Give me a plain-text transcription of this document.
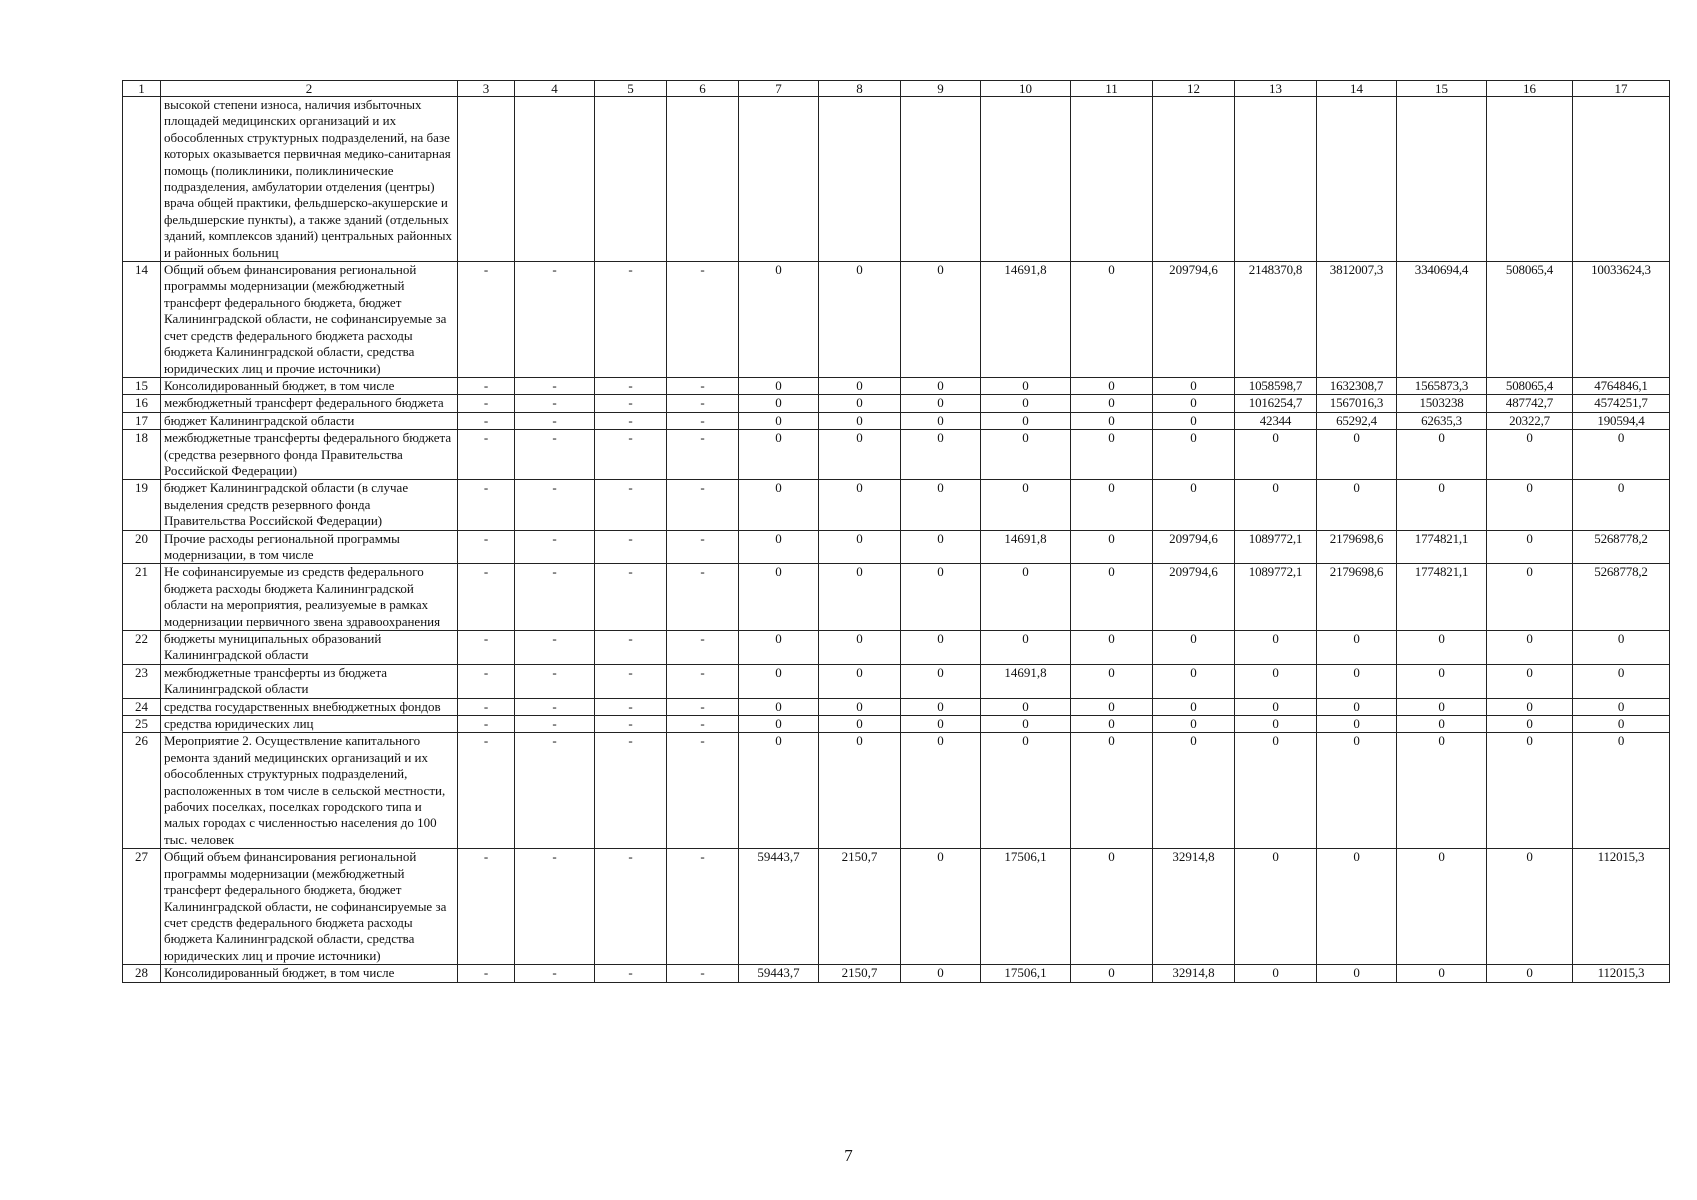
1	2	3	4	5	6	7	8	9	10	11	12	13	14	15	16	17
	высокой степени износа, наличия избыточных площадей медицинских организаций и их обособленных структурных подразделений, на базе которых оказывается первичная медико-санитарная помощь (поликлиники, поликлинические подразделения, амбулатории отделения (центры) врача общей практики, фельдшерско-акушерские и фельдшерские пункты), а также зданий (отдельных зданий, комплексов зданий) центральных районных и районных больниц															
14	Общий объем финансирования региональной программы модернизации (межбюджетный трансферт федерального бюджета, бюджет Калининградской области, не софинансируемые за счет средств федерального бюджета расходы бюджета Калининградской области, средства юридических лиц и прочие источники)	-	-	-	-	0	0	0	14691,8	0	209794,6	2148370,8	3812007,3	3340694,4	508065,4	10033624,3
15	Консолидированный бюджет, в том числе	-	-	-	-	0	0	0	0	0	0	1058598,7	1632308,7	1565873,3	508065,4	4764846,1
16	межбюджетный трансферт федерального бюджета	-	-	-	-	0	0	0	0	0	0	1016254,7	1567016,3	1503238	487742,7	4574251,7
17	бюджет Калининградской области	-	-	-	-	0	0	0	0	0	0	42344	65292,4	62635,3	20322,7	190594,4
18	межбюджетные трансферты федерального бюджета (средства резервного фонда Правительства Российской Федерации)	-	-	-	-	0	0	0	0	0	0	0	0	0	0	0
19	бюджет Калининградской области (в случае выделения средств резервного фонда Правительства Российской Федерации)	-	-	-	-	0	0	0	0	0	0	0	0	0	0	0
20	Прочие расходы региональной программы модернизации, в том числе	-	-	-	-	0	0	0	14691,8	0	209794,6	1089772,1	2179698,6	1774821,1	0	5268778,2
21	Не софинансируемые из средств федерального бюджета расходы бюджета Калининградской области на мероприятия, реализуемые в рамках модернизации первичного звена здравоохранения	-	-	-	-	0	0	0	0	0	209794,6	1089772,1	2179698,6	1774821,1	0	5268778,2
22	бюджеты муниципальных образований Калининградской области	-	-	-	-	0	0	0	0	0	0	0	0	0	0	0
23	межбюджетные трансферты из бюджета Калининградской области	-	-	-	-	0	0	0	14691,8	0	0	0	0	0	0	0
24	средства государственных внебюджетных фондов	-	-	-	-	0	0	0	0	0	0	0	0	0	0	0
25	средства юридических лиц	-	-	-	-	0	0	0	0	0	0	0	0	0	0	0
26	Мероприятие 2. Осуществление капитального ремонта зданий медицинских организаций и их обособленных структурных подразделений, расположенных в том числе в сельской местности, рабочих поселках, поселках городского типа и малых городах с численностью населения до 100 тыс. человек	-	-	-	-	0	0	0	0	0	0	0	0	0	0	0
27	Общий объем финансирования региональной программы модернизации (межбюджетный трансферт федерального бюджета, бюджет Калининградской области, не софинансируемые за счет средств федерального бюджета расходы бюджета Калининградской области, средства юридических лиц и прочие источники)	-	-	-	-	59443,7	2150,7	0	17506,1	0	32914,8	0	0	0	0	112015,3
28	Консолидированный бюджет, в том числе	-	-	-	-	59443,7	2150,7	0	17506,1	0	32914,8	0	0	0	0	112015,3
7
